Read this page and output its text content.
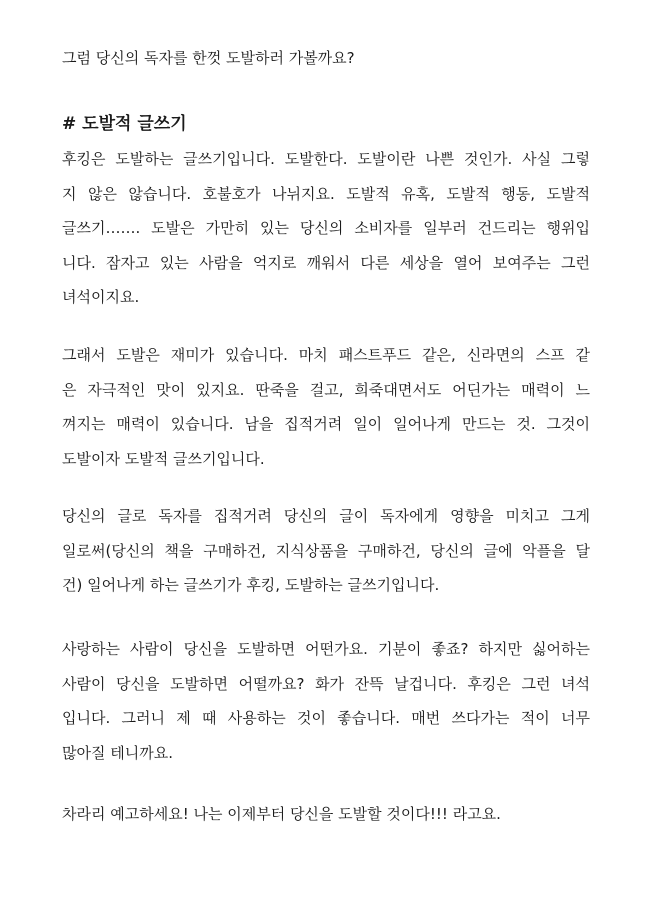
그럼 당신의 독자를 한껏 도발하러 가볼까요?
# 도발적 글쓰기
후킹은 도발하는 글쓰기입니다. 도발한다. 도발이란 나쁜 것인가. 사실 그렇
지 않은 않습니다. 호불호가 나뉘지요. 도발적 유혹, 도발적 행동, 도발적
글쓰기……. 도발은 가만히 있는 당신의 소비자를 일부러 건드리는 행위입
니다. 잠자고 있는 사람을 억지로 깨워서 다른 세상을 열어 보여주는 그런
녀석이지요.
그래서 도발은 재미가 있습니다. 마치 패스트푸드 같은, 신라면의 스프 같
은 자극적인 맛이 있지요. 딴죽을 걸고, 희죽대면서도 어딘가는 매력이 느
껴지는 매력이 있습니다. 남을 집적거려 일이 일어나게 만드는 것. 그것이
도발이자 도발적 글쓰기입니다.
당신의 글로 독자를 집적거려 당신의 글이 독자에게 영향을 미치고 그게
일로써(당신의 책을 구매하건, 지식상품을 구매하건, 당신의 글에 악플을 달
건) 일어나게 하는 글쓰기가 후킹, 도발하는 글쓰기입니다.
사랑하는 사람이 당신을 도발하면 어떤가요. 기분이 좋죠? 하지만 싫어하는
사람이 당신을 도발하면 어떨까요? 화가 잔뜩 날겁니다. 후킹은 그런 녀석
입니다. 그러니 제 때 사용하는 것이 좋습니다. 매번 쓰다가는 적이 너무
많아질 테니까요.
차라리 예고하세요! 나는 이제부터 당신을 도발할 것이다!!! 라고요.
